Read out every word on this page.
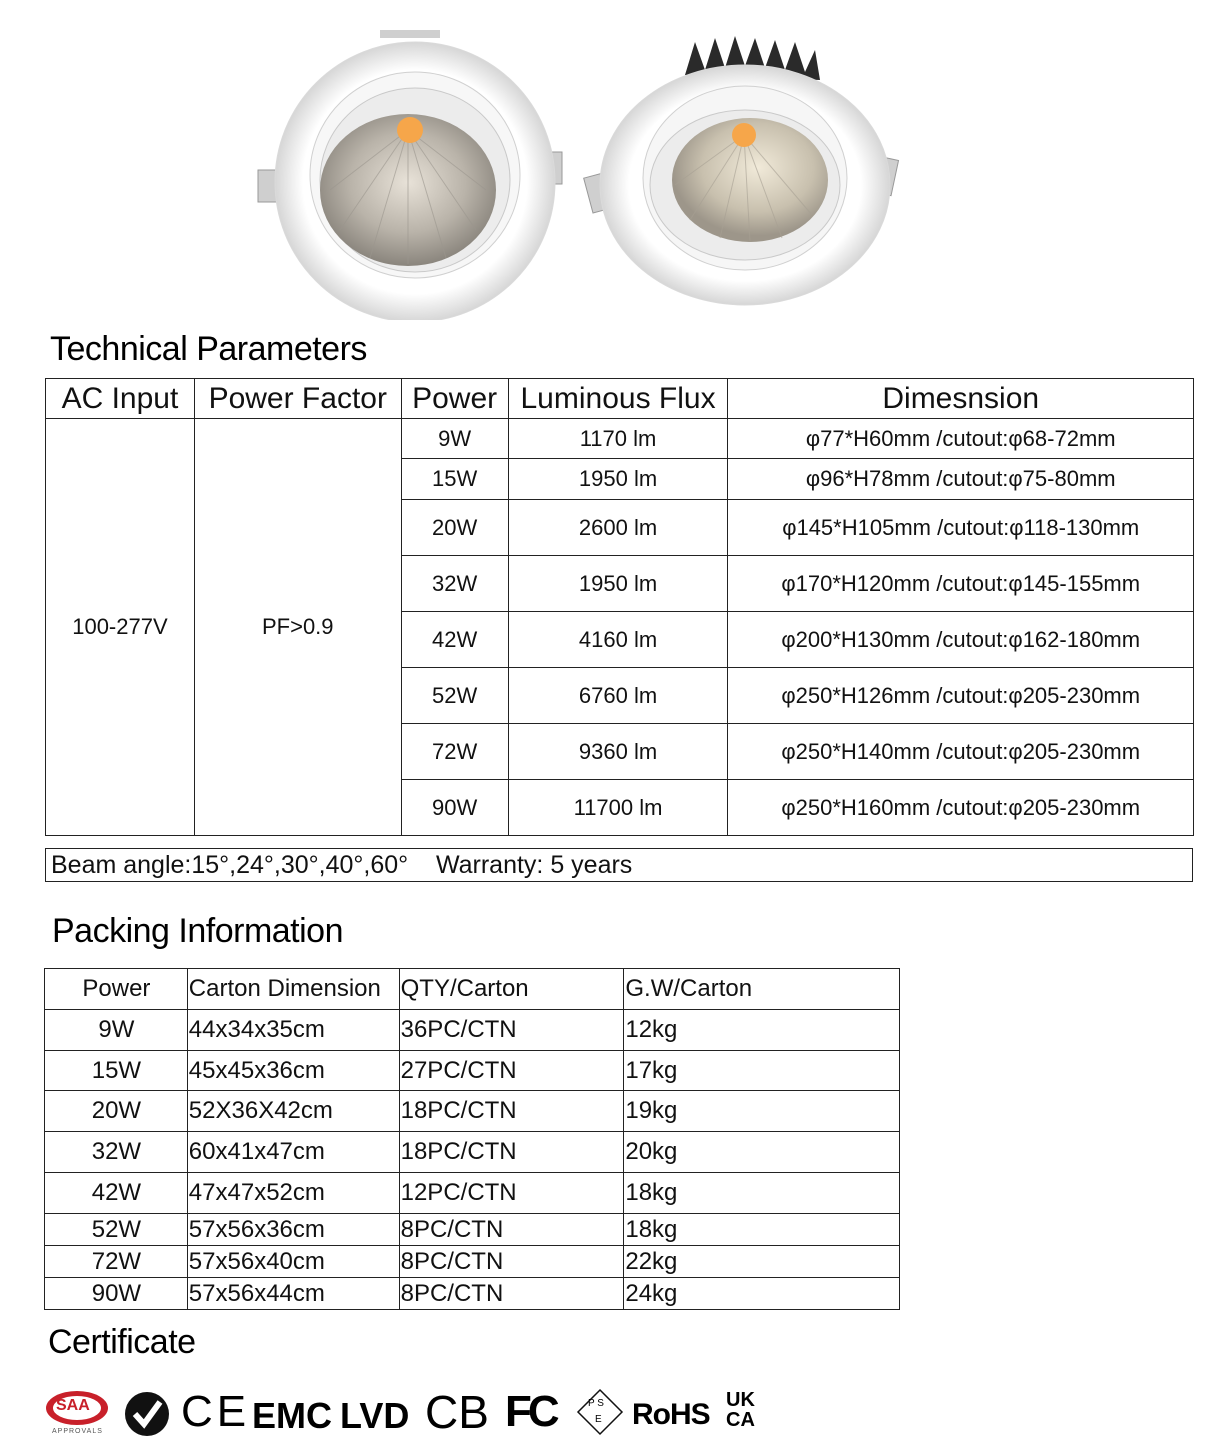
Technical Parameters
AC Input	Power Factor	Power	Luminous Flux	Dimesnsion
100-277V	PF>0.9	9W	1170 lm	φ77*H60mm /cutout:φ68-72mm
		15W	1950 lm	φ96*H78mm /cutout:φ75-80mm
		20W	2600 lm	φ145*H105mm /cutout:φ118-130mm
		32W	1950 lm	φ170*H120mm /cutout:φ145-155mm
		42W	4160 lm	φ200*H130mm /cutout:φ162-180mm
		52W	6760 lm	φ250*H126mm /cutout:φ205-230mm
		72W	9360 lm	φ250*H140mm /cutout:φ205-230mm
		90W	11700 lm	φ250*H160mm /cutout:φ205-230mm
Beam angle:15°,24°,30°,40°,60°    Warranty: 5 years
Packing Information
Power	Carton Dimension	QTY/Carton	G.W/Carton
9W	44x34x35cm	36PC/CTN	12kg
15W	45x45x36cm	27PC/CTN	17kg
20W	52X36X42cm	18PC/CTN	19kg
32W	60x41x47cm	18PC/CTN	20kg
42W	47x47x52cm	12PC/CTN	18kg
52W	57x56x36cm	8PC/CTN	18kg
72W	57x56x40cm	8PC/CTN	22kg
90W	57x56x44cm	8PC/CTN	24kg
Certificate
SAA
APPROVALS CE EMC LVD CB FC	P S
E RoHS UK
CA
